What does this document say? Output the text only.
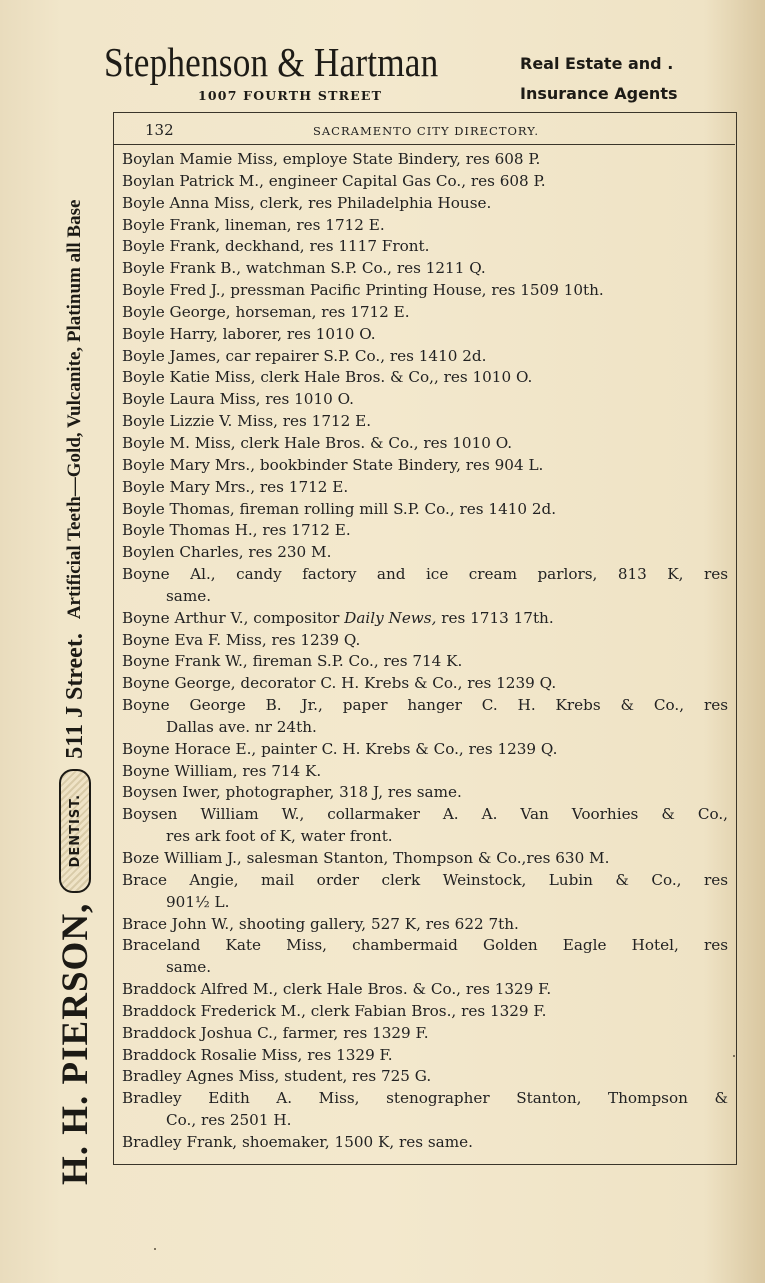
Stephenson & Hartman
1007 FOURTH STREET
Real Estate and .
Insurance Agents
H. H. PIERSON,
DENTIST.
511 J Street.
Artificial Teeth—Gold, Vulcanite, Platinum all Base
132	SACRAMENTO CITY DIRECTORY.
Boylan Mamie Miss, employe State Bindery, res 608 P.
Boylan Patrick M., engineer Capital Gas Co., res 608 P.
Boyle Anna Miss, clerk, res Philadelphia House.
Boyle Frank, lineman, res 1712 E.
Boyle Frank, deckhand, res 1117 Front.
Boyle Frank B., watchman S.P. Co., res 1211 Q.
Boyle Fred J., pressman Pacific Printing House, res 1509 10th.
Boyle George, horseman, res 1712 E.
Boyle Harry, laborer, res 1010 O.
Boyle James, car repairer S.P. Co., res 1410 2d.
Boyle Katie Miss, clerk Hale Bros. & Co,, res 1010 O.
Boyle Laura Miss, res 1010 O.
Boyle Lizzie V. Miss, res 1712 E.
Boyle M. Miss, clerk Hale Bros. & Co., res 1010 O.
Boyle Mary Mrs., bookbinder State Bindery, res 904 L.
Boyle Mary Mrs., res 1712 E.
Boyle Thomas, fireman rolling mill S.P. Co., res 1410 2d.
Boyle Thomas H., res 1712 E.
Boylen Charles, res 230 M.
Boyne Al., candy factory and ice cream parlors, 813 K, res
same.
Boyne Arthur V., compositor Daily News, res 1713 17th.
Boyne Eva F. Miss, res 1239 Q.
Boyne Frank W., fireman S.P. Co., res 714 K.
Boyne George, decorator C. H. Krebs & Co., res 1239 Q.
Boyne George B. Jr., paper hanger C. H. Krebs & Co., res
Dallas ave. nr 24th.
Boyne Horace E., painter C. H. Krebs & Co., res 1239 Q.
Boyne William, res 714 K.
Boysen Iwer, photographer, 318 J, res same.
Boysen William W., collarmaker A. A. Van Voorhies & Co.,
res ark foot of K, water front.
Boze William J., salesman Stanton, Thompson & Co.,res 630 M.
Brace Angie, mail order clerk Weinstock, Lubin & Co., res
901½ L.
Brace John W., shooting gallery, 527 K, res 622 7th.
Braceland Kate Miss, chambermaid Golden Eagle Hotel, res
same.
Braddock Alfred M., clerk Hale Bros. & Co., res 1329 F.
Braddock Frederick M., clerk Fabian Bros., res 1329 F.
Braddock Joshua C., farmer, res 1329 F.
Braddock Rosalie Miss, res 1329 F.
Bradley Agnes Miss, student, res 725 G.
Bradley Edith A. Miss, stenographer Stanton, Thompson &
Co., res 2501 H.
Bradley Frank, shoemaker, 1500 K, res same.
